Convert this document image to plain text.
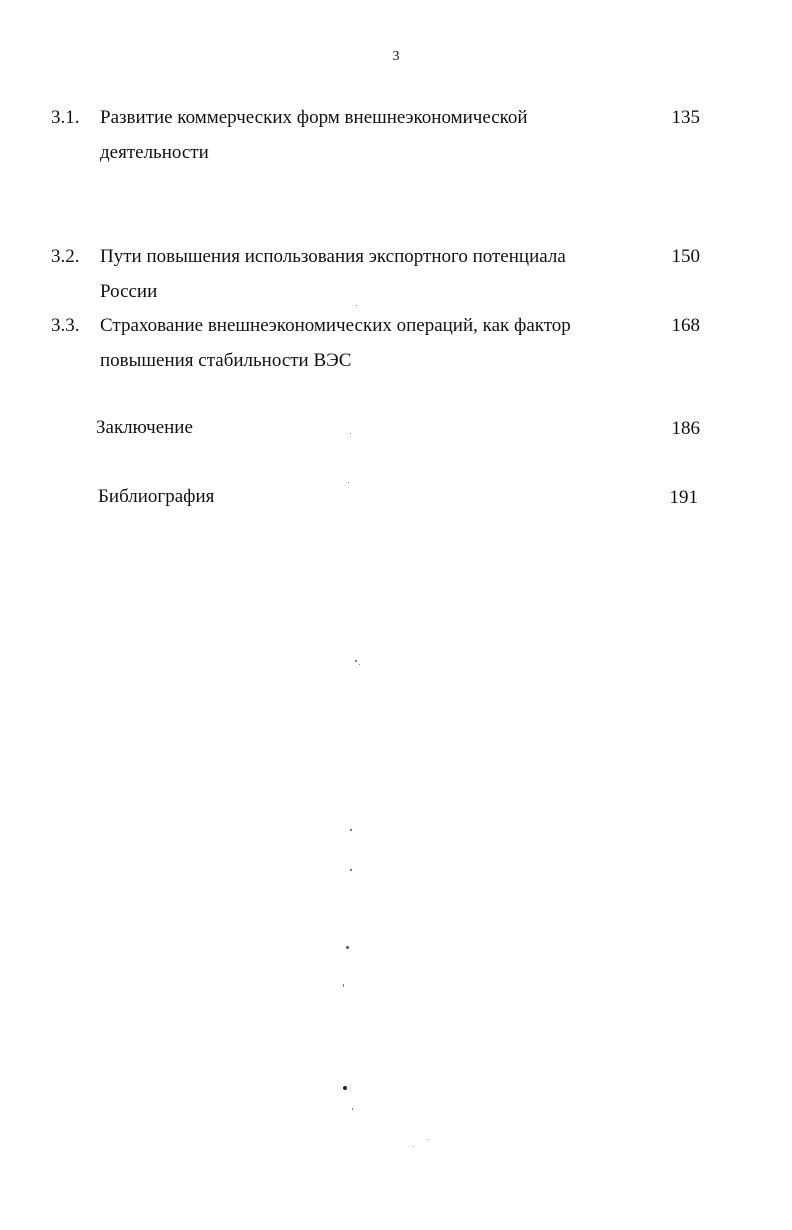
3
3.1. Развитие коммерческих форм внешнеэкономической
деятельности
135
3.2. Пути повышения использования экспортного потенциала
России
150
3.3. Страхование внешнеэкономических операций, как фактор
повышения стабильности ВЭС
168
Заключение	186
Библиография	191
